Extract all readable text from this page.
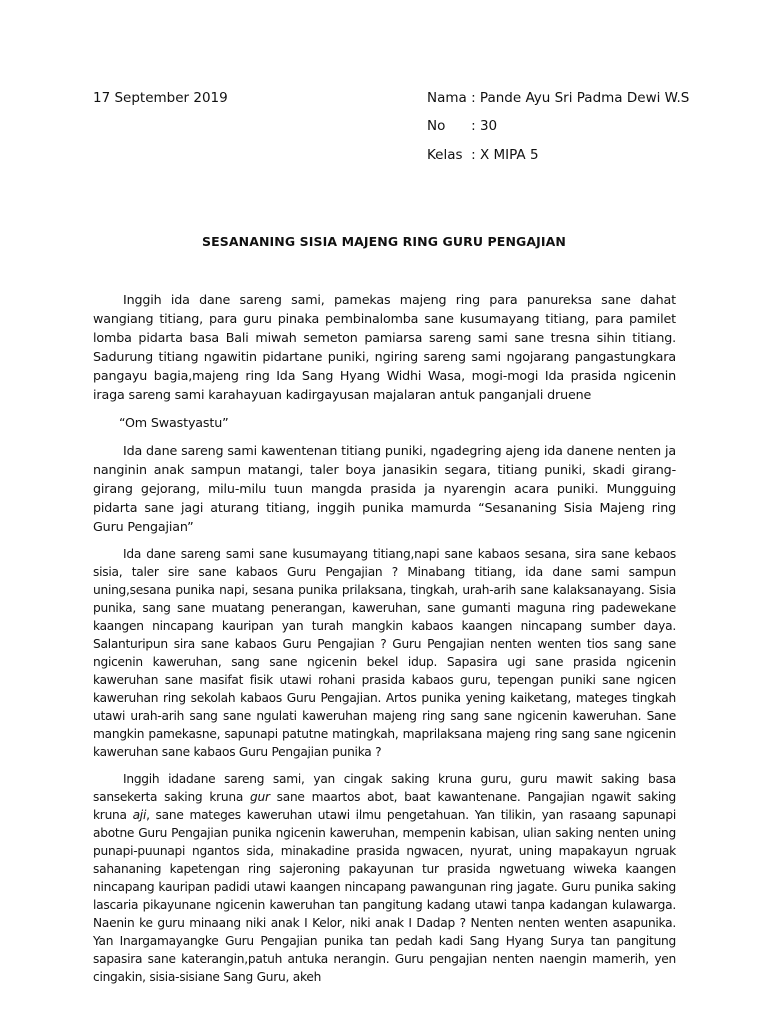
17 September 2019	Nama : Pande Ayu Sri Padma Dewi W.S
No      : 30
Kelas  : X MIPA 5
SESANANING SISIA MAJENG RING GURU PENGAJIAN

Inggih ida dane sareng sami, pamekas majeng ring para panureksa sane dahat wangiang titiang, para guru pinaka pembinalomba sane kusumayang titiang, para pamilet lomba pidarta basa Bali miwah semeton pamiarsa sareng sami sane tresna sihin titiang. Sadurung titiang ngawitin pidartane puniki, ngiring sareng sami ngojarang pangastungkara pangayu bagia,majeng ring Ida Sang Hyang Widhi Wasa, mogi-mogi Ida prasida ngicenin iraga sareng sami karahayuan kadirgayusan majalaran antuk panganjali druene

“Om Swastyastu”

Ida dane sareng sami kawentenan titiang puniki, ngadegring ajeng ida danene nenten ja nanginin anak sampun matangi, taler boya janasikin segara, titiang puniki, skadi girang-girang gejorang, milu-milu tuun mangda prasida ja nyarengin acara puniki. Mungguing pidarta sane jagi aturang titiang, inggih punika mamurda “Sesananing Sisia Majeng ring Guru Pengajian”

Ida dane sareng sami sane kusumayang titiang,napi sane kabaos sesana, sira sane kebaos sisia, taler sire sane kabaos Guru Pengajian ? Minabang titiang, ida dane sami sampun uning,sesana punika napi, sesana punika prilaksana, tingkah, urah-arih sane kalaksanayang. Sisia punika, sang sane muatang penerangan, kaweruhan, sane gumanti maguna ring padewekane kaangen nincapang kauripan yan turah mangkin kabaos kaangen nincapang sumber daya. Salanturipun sira sane kabaos Guru Pengajian ? Guru Pengajian nenten wenten tios sang sane ngicenin kaweruhan, sang sane ngicenin bekel idup. Sapasira ugi sane prasida ngicenin kaweruhan sane masifat fisik utawi rohani prasida kabaos guru, tepengan puniki sane ngicen kaweruhan ring sekolah kabaos Guru Pengajian. Artos punika yening kaiketang, mateges tingkah utawi urah-arih sang sane ngulati kaweruhan majeng ring sang sane ngicenin kaweruhan. Sane mangkin pamekasne, sapunapi patutne matingkah, maprilaksana majeng ring sang sane ngicenin kaweruhan sane kabaos Guru Pengajian punika ?

Inggih idadane sareng sami, yan cingak saking kruna guru, guru mawit saking basa sansekerta saking kruna gur sane maartos abot, baat kawantenane. Pangajian ngawit saking kruna aji, sane mateges kaweruhan utawi ilmu pengetahuan. Yan tilikin, yan rasaang sapunapi abotne Guru Pengajian punika ngicenin kaweruhan, mempenin kabisan, ulian saking nenten uning punapi-puunapi ngantos sida, minakadine prasida ngwacen, nyurat, uning mapakayun ngruak sahananing kapetengan ring sajeroning pakayunan tur prasida ngwetuang wiweka kaangen nincapang kauripan padidi utawi kaangen nincapang pawangunan ring jagate. Guru punika saking lascaria pikayunane ngicenin kaweruhan tan pangitung kadang utawi tanpa kadangan kulawarga. Naenin ke guru minaang niki anak I Kelor, niki anak I Dadap ? Nenten nenten wenten asapunika. Yan Inargamayangke Guru Pengajian punika tan pedah kadi Sang Hyang Surya tan pangitung sapasira sane katerangin,patuh antuka nerangin. Guru pengajian nenten naengin mamerih, yen cingakin, sisia-sisiane Sang Guru, akeh
